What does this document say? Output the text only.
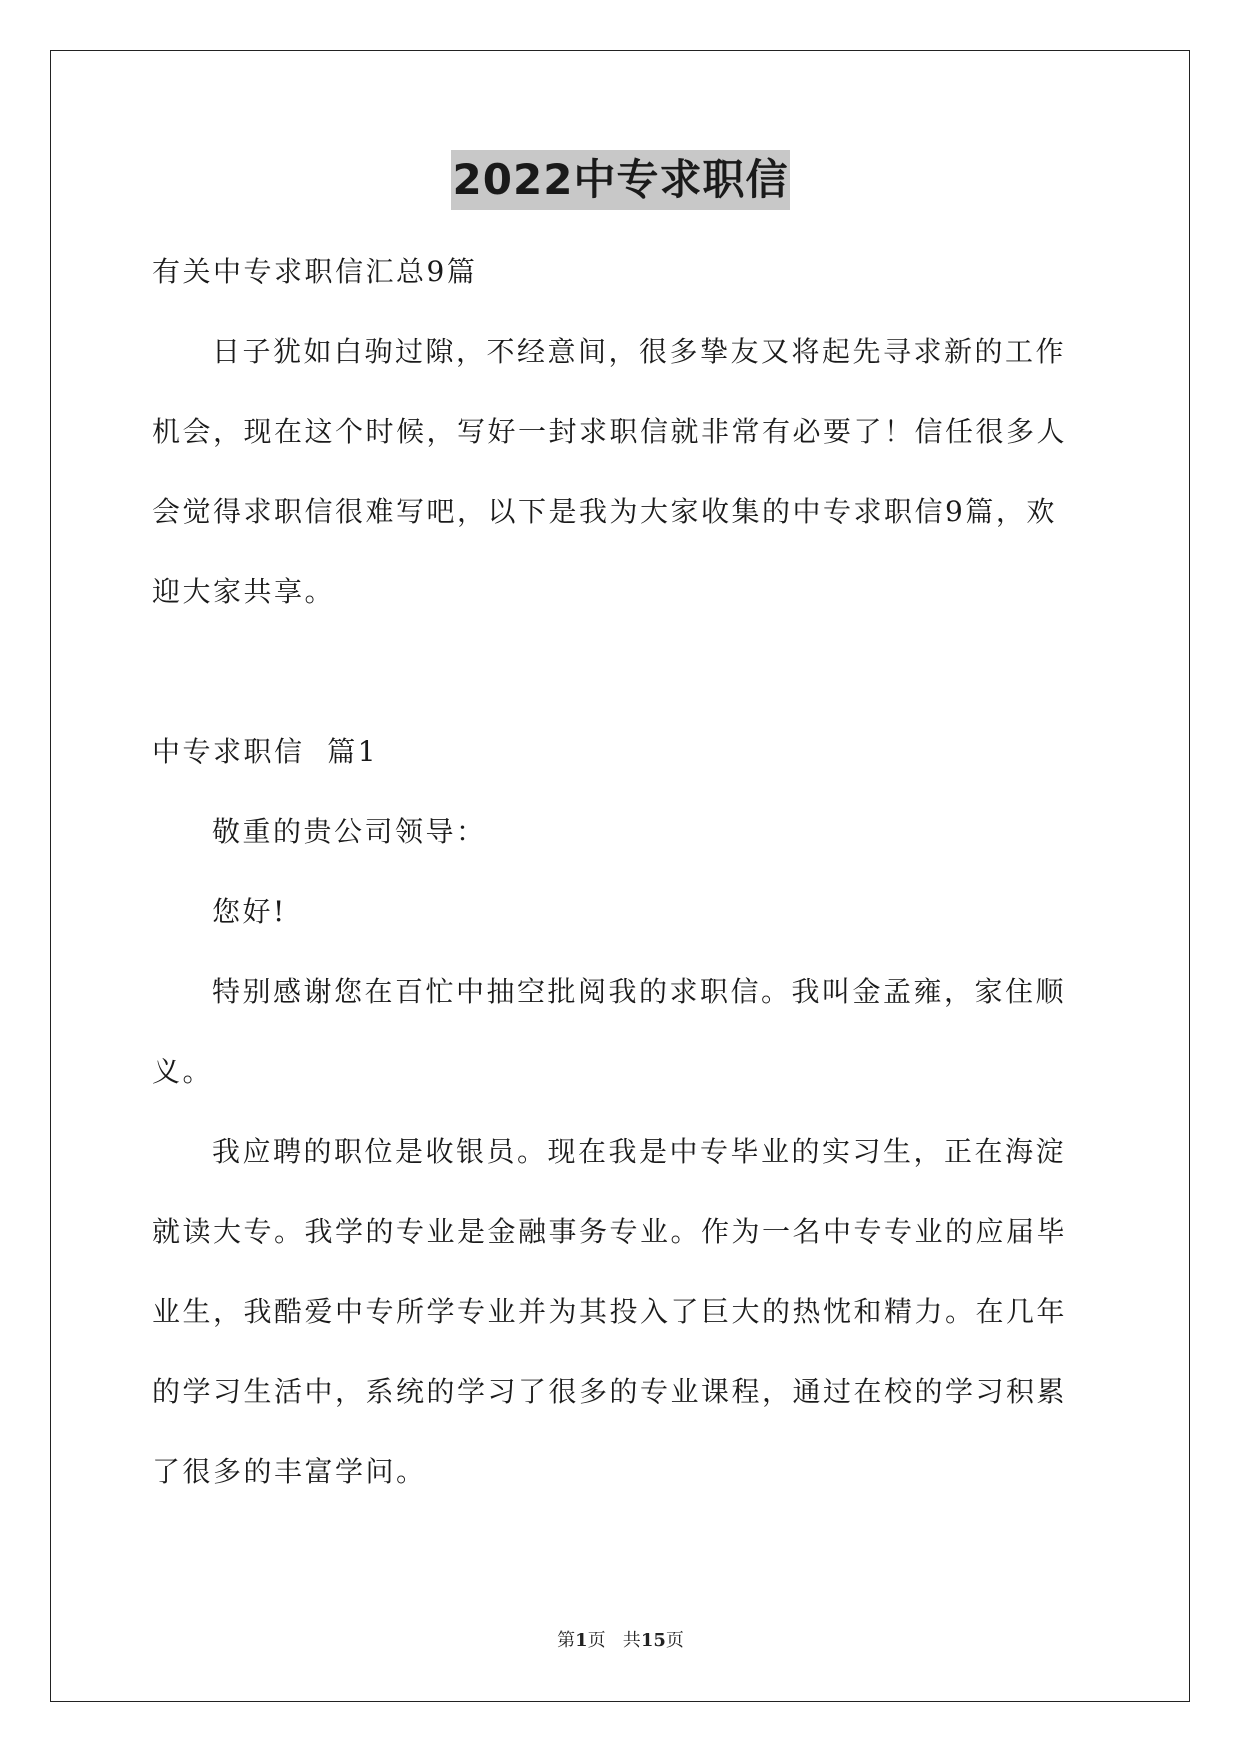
2022中专求职信

有关中专求职信汇总9篇

日子犹如白驹过隙，不经意间，很多挚友又将起先寻求新的工作机会，现在这个时候，写好一封求职信就非常有必要了！信任很多人会觉得求职信很难写吧，以下是我为大家收集的中专求职信9篇，欢迎大家共享。

中专求职信  篇1

敬重的贵公司领导：

您好!

特别感谢您在百忙中抽空批阅我的求职信。我叫金孟雍，家住顺义。

我应聘的职位是收银员。现在我是中专毕业的实习生，正在海淀就读大专。我学的专业是金融事务专业。作为一名中专专业的应届毕业生，我酷爱中专所学专业并为其投入了巨大的热忱和精力。在几年的学习生活中，系统的学习了很多的专业课程，通过在校的学习积累了很多的丰富学问。

第1页   共15页
